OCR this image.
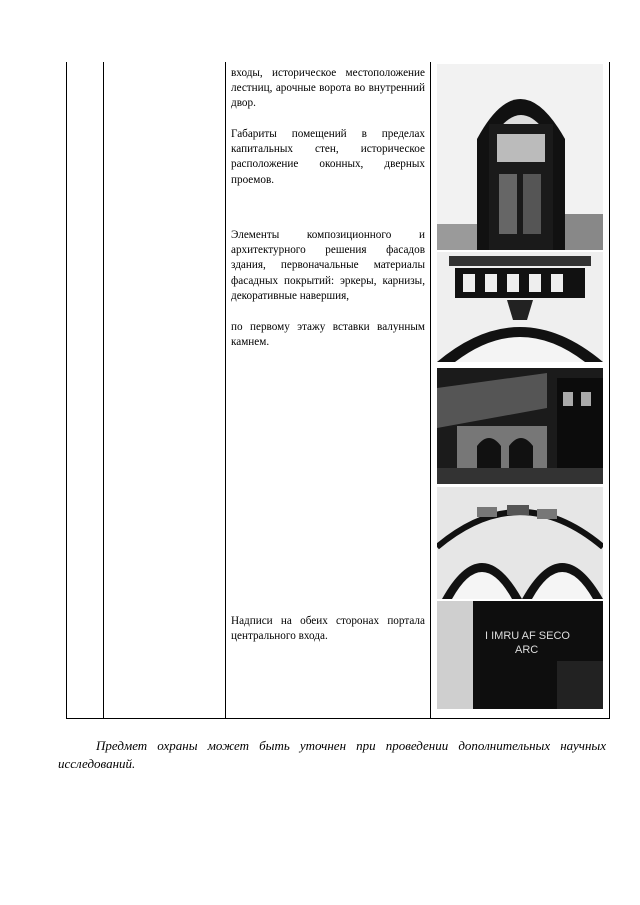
входы, историческое местоположение лестниц, арочные ворота во внутренний двор.
Габариты помещений в пределах капитальных стен, историческое расположение оконных, дверных проемов.
Элементы композиционного и архитектурного решения фасадов здания, первоначальные материалы фасадных покрытий: эркеры, карнизы, декоративные навершия,
по первому этажу вставки валунным камнем.
Надписи на обеих сторонах портала центрального входа.	I IMRU AF SECO
ARC
Предмет охраны может быть уточнен при проведении дополнительных научных исследований.
